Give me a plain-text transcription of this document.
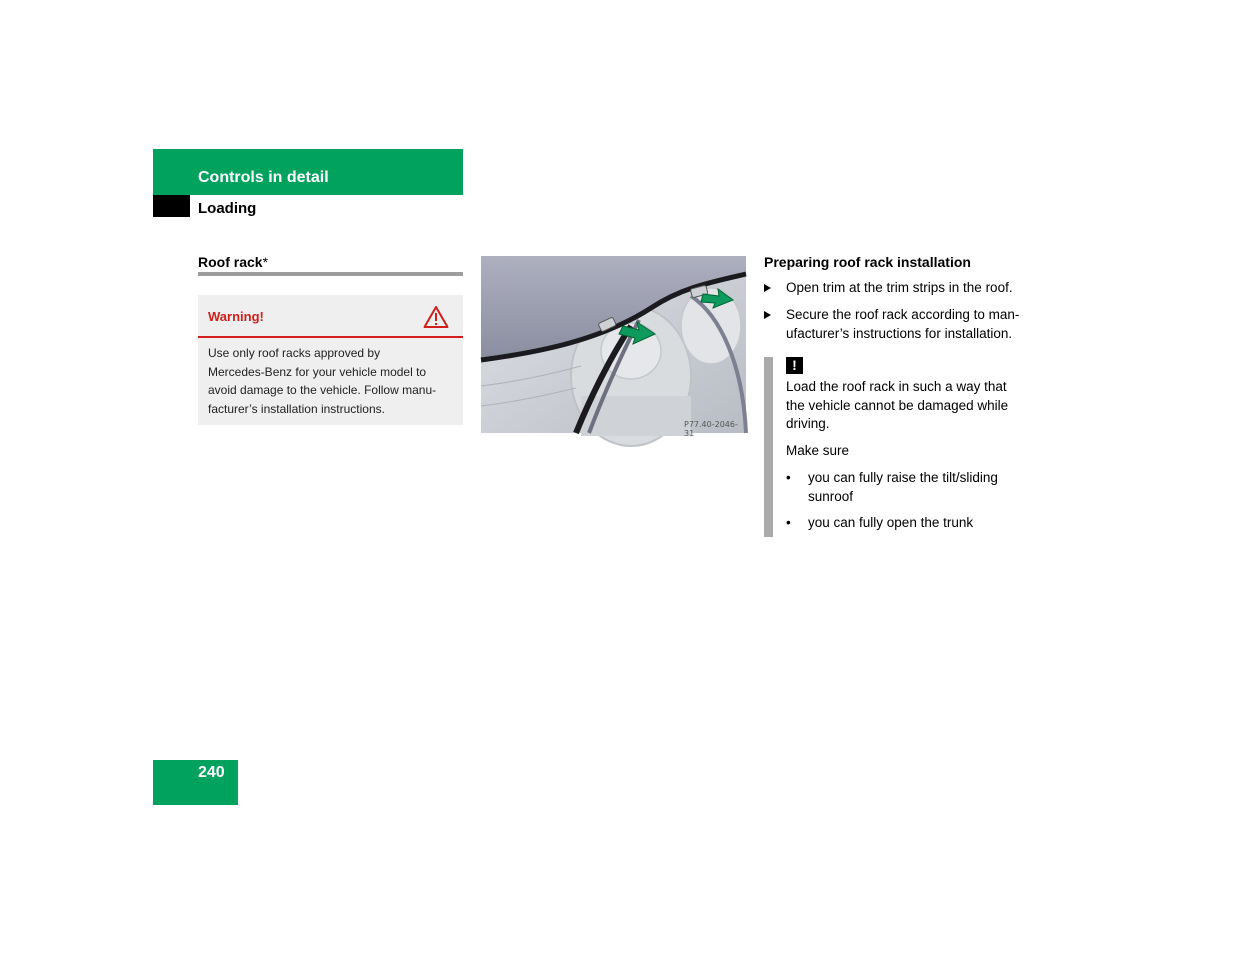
Controls in detail
Loading
Roof rack*
Warning!
Use only roof racks approved by
Mercedes-Benz for your vehicle model to
avoid damage to the vehicle. Follow manu-
facturer’s installation instructions.
P77.40-2046-31
Preparing roof rack installation
Open trim at the trim strips in the roof.
Secure the roof rack according to man-
ufacturer’s instructions for installation.
!
Load the roof rack in such a way that
the vehicle cannot be damaged while
driving.
Make sure
• you can fully raise the tilt/sliding
sunroof
• you can fully open the trunk
240
